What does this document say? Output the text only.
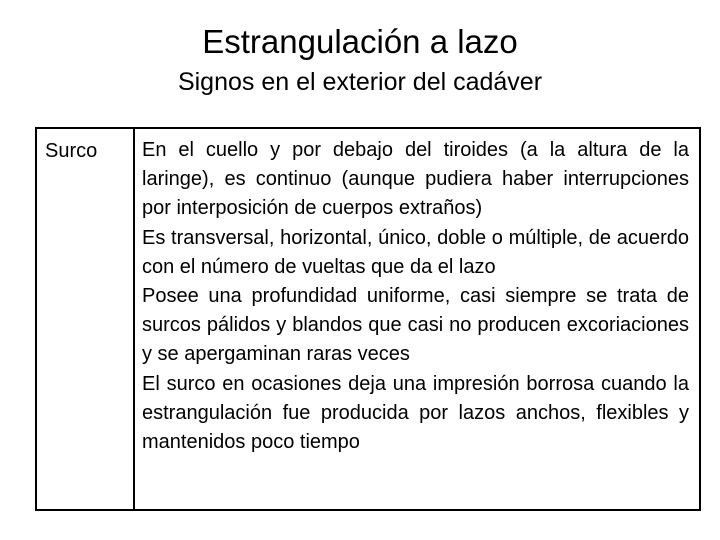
Estrangulación a lazo
Signos en el exterior del cadáver
Surco	En el cuello y por debajo del tiroides (a la altura de la laringe), es continuo (aunque pudiera haber interrupciones por interposición de cuerpos extraños)

Es transversal, horizontal, único, doble o múltiple, de acuerdo con el número de vueltas que da el lazo

Posee una profundidad uniforme, casi siempre se trata de surcos pálidos y blandos que casi no producen excoriaciones y se apergaminan raras veces

El surco en ocasiones deja una impresión borrosa cuando la estrangulación fue producida por lazos anchos, flexibles y mantenidos poco tiempo
